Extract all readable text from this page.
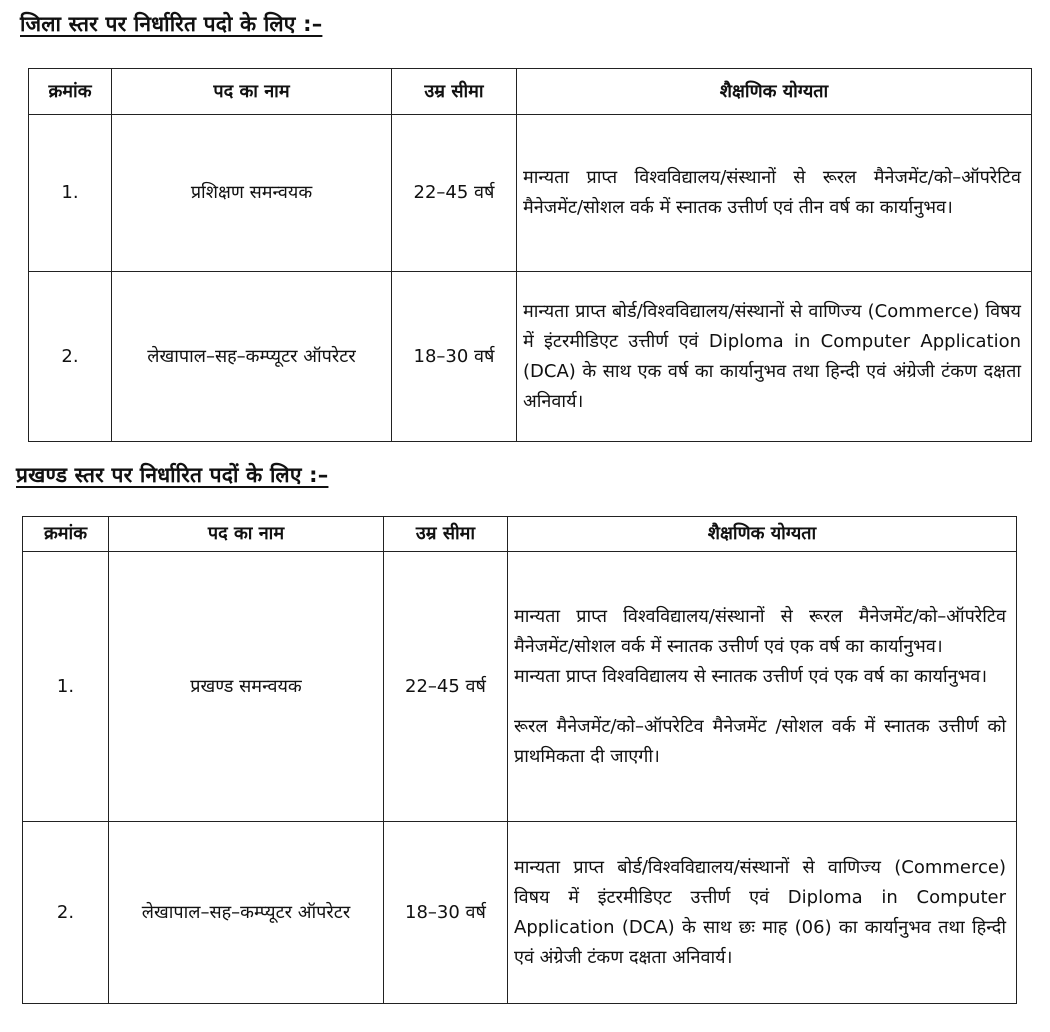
जिला स्तर पर निर्धारित पदो के लिए :–
क्रमांक	पद का नाम	उम्र सीमा	शैक्षणिक योग्यता
1.	प्रशिक्षण समन्वयक	22–45 वर्ष	मान्यता प्राप्त विश्वविद्यालय/संस्थानों से रूरल मैनेजमेंट/को–ऑपरेटिव मैनेजमेंट/सोशल वर्क में स्नातक उत्तीर्ण एवं तीन वर्ष का कार्यानुभव।
2.	लेखापाल–सह–कम्प्यूटर ऑपरेटर	18–30 वर्ष	मान्यता प्राप्त बोर्ड/विश्वविद्यालय/संस्थानों से वाणिज्य (Commerce) विषय में इंटरमीडिएट उत्तीर्ण एवं Diploma in Computer Application (DCA) के साथ एक वर्ष का कार्यानुभव तथा हिन्दी एवं अंग्रेजी टंकण दक्षता अनिवार्य।
प्रखण्ड स्तर पर निर्धारित पदों के लिए :–
क्रमांक	पद का नाम	उम्र सीमा	शैक्षणिक योग्यता
1.	प्रखण्ड समन्वयक	22–45 वर्ष	मान्यता प्राप्त विश्वविद्यालय/संस्थानों से रूरल मैनेजमेंट/को–ऑपरेटिव मैनेजमेंट/सोशल वर्क में स्नातक उत्तीर्ण एवं एक वर्ष का कार्यानुभव।
मान्यता प्राप्त विश्वविद्यालय से स्नातक उत्तीर्ण एवं एक वर्ष का कार्यानुभव।
रूरल मैनेजमेंट/को–ऑपरेटिव मैनेजमेंट /सोशल वर्क में स्नातक उत्तीर्ण को प्राथमिकता दी जाएगी।

2.	लेखापाल–सह–कम्प्यूटर ऑपरेटर	18–30 वर्ष	मान्यता प्राप्त बोर्ड/विश्वविद्यालय/संस्थानों से वाणिज्य (Commerce) विषय में इंटरमीडिएट उत्तीर्ण एवं Diploma in Computer Application (DCA) के साथ छः माह (06) का कार्यानुभव तथा हिन्दी एवं अंग्रेजी टंकण दक्षता अनिवार्य।
